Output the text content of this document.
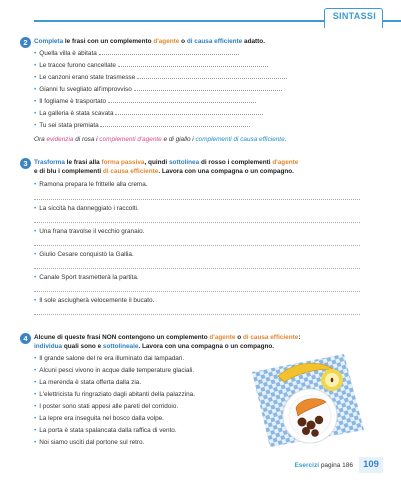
SINTASSI
2	Completa le frasi con un complemento d'agente o di causa efficiente adatto.
• Quella villa è abitata
• Le tracce furono cancellate
• Le canzoni erano state trasmesse
• Gianni fu svegliato all'improvviso
• Il fogliame è trasportato
• La galleria è stata scavata
• Tu sei stata premiata
Ora evidenzia di rosa i complementi d'agente e di giallo i complementi di causa efficiente.
3	Trasforma le frasi alla forma passiva, quindi sottolinea di rosso i complementi d'agente
e di blu i complementi di causa efficiente. Lavora con una compagna o un compagno.
• Ramona prepara le frittelle alla crema.
• La siccità ha danneggiato i raccolti.
• Una frana travolse il vecchio granaio.
• Giulio Cesare conquistò la Gallia.
• Canale Sport trasmetterà la partita.
• Il sole asciugherà velocemente il bucato.
4	Alcune di queste frasi NON contengono un complemento d'agente o di causa efficiente:
individua quali sono e sottolineale. Lavora con una compagna o un compagno.
• Il grande salone del re era illuminato dai lampadari.
• Alcuni pesci vivono in acque dalle temperature glaciali.
• La merenda è stata offerta dalla zia.
• L'elettricista fu ringraziato dagli abitanti della palazzina.
• I poster sono stati appesi alle pareti del corridoio.
• La lepre era inseguita nel bosco dalla volpe.
• La porta è stata spalancata dalla raffica di vento.
• Noi siamo usciti dal portone sul retro.
Esercizi pagina 186	109
